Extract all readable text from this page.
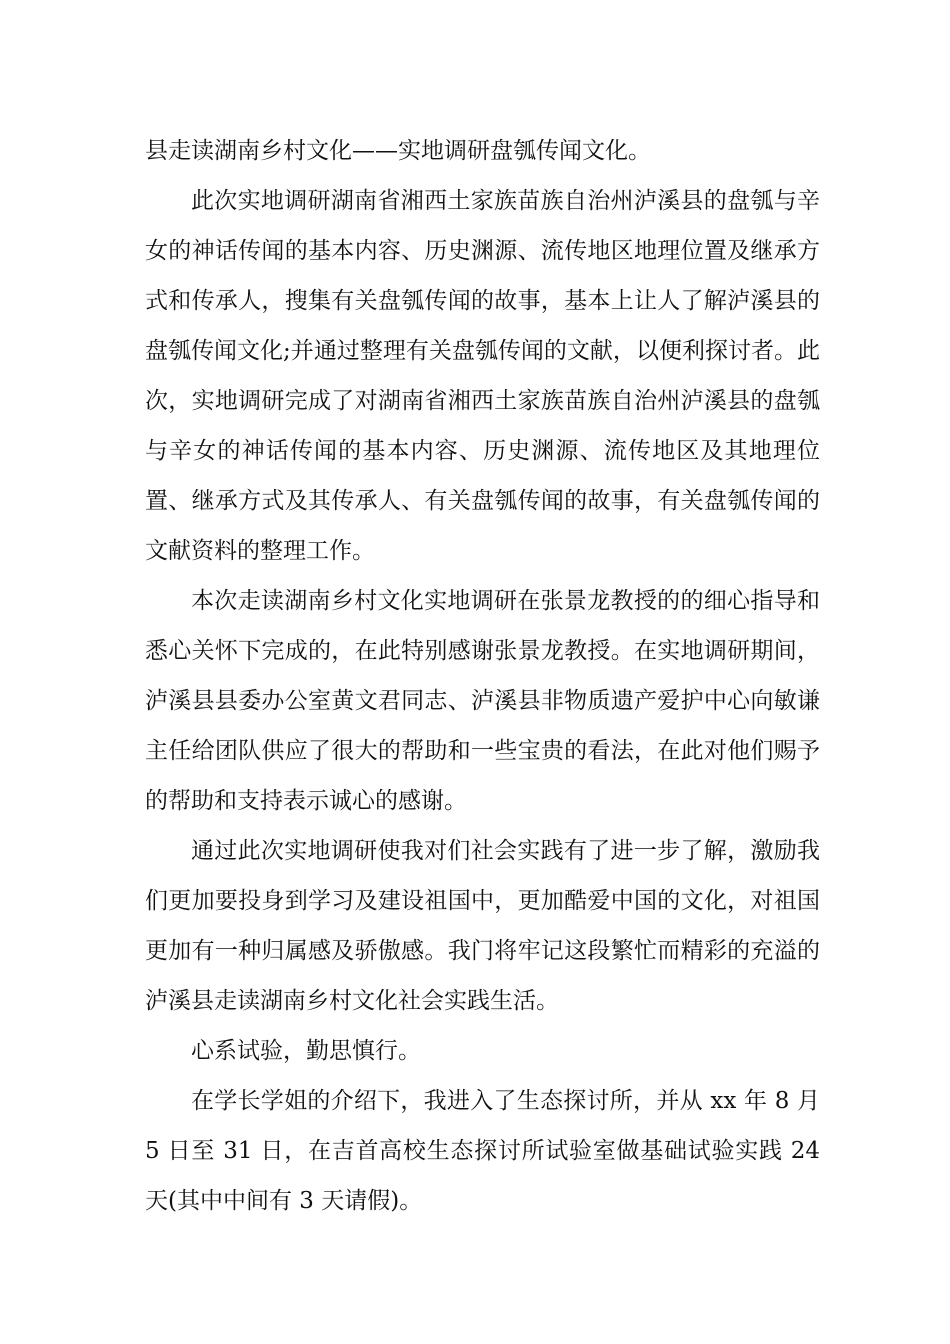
县走读湖南乡村文化——实地调研盘瓠传闻文化。

此次实地调研湖南省湘西土家族苗族自治州泸溪县的盘瓠与辛女的神话传闻的基本内容、历史渊源、流传地区地理位置及继承方式和传承人，搜集有关盘瓠传闻的故事，基本上让人了解泸溪县的盘瓠传闻文化;并通过整理有关盘瓠传闻的文献，以便利探讨者。此次，实地调研完成了对湖南省湘西土家族苗族自治州泸溪县的盘瓠与辛女的神话传闻的基本内容、历史渊源、流传地区及其地理位置、继承方式及其传承人、有关盘瓠传闻的故事，有关盘瓠传闻的文献资料的整理工作。

本次走读湖南乡村文化实地调研在张景龙教授的的细心指导和悉心关怀下完成的，在此特别感谢张景龙教授。在实地调研期间，泸溪县县委办公室黄文君同志、泸溪县非物质遗产爱护中心向敏谦主任给团队供应了很大的帮助和一些宝贵的看法，在此对他们赐予的帮助和支持表示诚心的感谢。

通过此次实地调研使我对们社会实践有了进一步了解，激励我们更加要投身到学习及建设祖国中，更加酷爱中国的文化，对祖国更加有一种归属感及骄傲感。我门将牢记这段繁忙而精彩的充溢的泸溪县走读湖南乡村文化社会实践生活。

心系试验，勤思慎行。

在学长学姐的介绍下，我进入了生态探讨所，并从 xx 年 8 月 5 日至 31 日，在吉首高校生态探讨所试验室做基础试验实践 24 天(其中中间有 3 天请假)。
